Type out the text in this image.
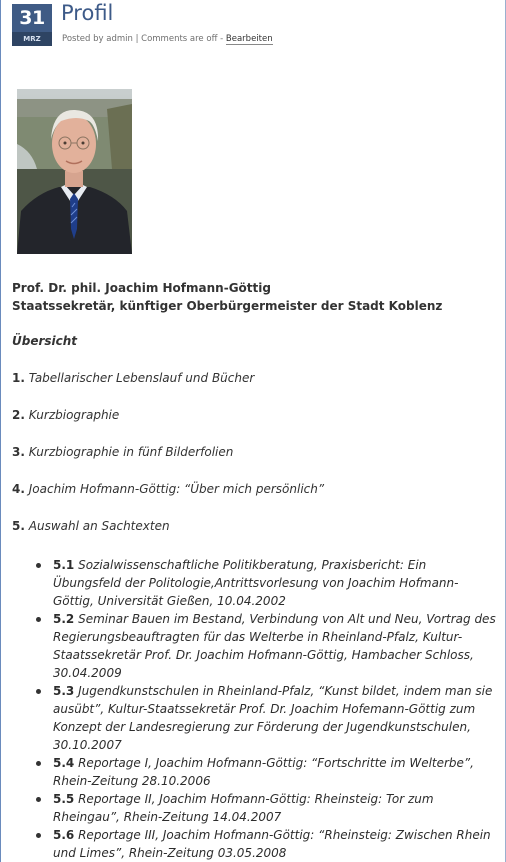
31
MRZ
Profil
Posted by admin | Comments are off - Bearbeiten
Prof. Dr. phil. Joachim Hofmann-Göttig
Staatssekretär, künftiger Oberbürgermeister der Stadt Koblenz
Übersicht
1. Tabellarischer Lebenslauf und Bücher
2. Kurzbiographie
3. Kurzbiographie in fünf Bilderfolien
4. Joachim Hofmann-Göttig: “Über mich persönlich”
5. Auswahl an Sachtexten
5.1 Sozialwissenschaftliche Politikberatung, Praxisbericht: Ein Übungsfeld der Politologie,Antrittsvorlesung von Joachim Hofmann-Göttig, Universität Gießen, 10.04.2002
5.2 Seminar Bauen im Bestand, Verbindung von Alt und Neu, Vortrag des Regierungsbeauftragten für das Welterbe in Rheinland-Pfalz, Kultur-Staatssekretär Prof. Dr. Joachim Hofmann-Göttig, Hambacher Schloss, 30.04.2009
5.3 Jugendkunstschulen in Rheinland-Pfalz, “Kunst bildet, indem man sie ausübt”, Kultur-Staatssekretär Prof. Dr. Joachim Hofemann-Göttig zum Konzept der Landesregierung zur Förderung der Jugendkunstschulen, 30.10.2007
5.4 Reportage I, Joachim Hofmann-Göttig: “Fortschritte im Welterbe”, Rhein-Zeitung 28.10.2006
5.5 Reportage II, Joachim Hofmann-Göttig: Rheinsteig: Tor zum Rheingau”, Rhein-Zeitung 14.04.2007
5.6 Reportage III, Joachim Hofmann-Göttig: “Rheinsteig: Zwischen Rhein und Limes”, Rhein-Zeitung 03.05.2008
